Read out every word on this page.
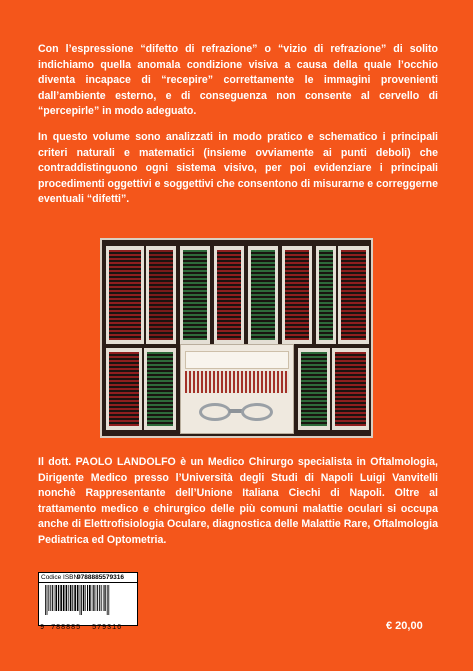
Con l’espressione “difetto di refrazione” o “vizio di refrazione” di solito indichiamo quella anomala condizione visiva a causa della quale l’occhio diventa incapace di “recepire” correttamente le immagini provenienti dall’ambiente esterno, e di conseguenza non consente al cervello di “percepirle” in modo adeguato.

In questo volume sono analizzati in modo pratico e schematico i principali criteri naturali e matematici (insieme ovviamente ai punti deboli) che contraddistinguono ogni sistema visivo, per poi evidenziare i principali procedimenti oggettivi e soggettivi che consentono di misurarne e correggerne eventuali “difetti”.

Il dott. PAOLO LANDOLFO è un Medico Chirurgo specialista in Oftalmologia, Dirigente Medico presso l’Università degli Studi di Napoli Luigi Vanvitelli nonchè Rappresentante dell’Unione Italiana Ciechi di Napoli. Oltre al trattamento medico e chirurgico delle più comuni malattie oculari si occupa anche di Elettrofisiologia Oculare, diagnostica delle Malattie Rare, Oftalmologia Pediatrica ed Optometria.

Codice ISBN
9788885579316
9 788885 579316	€ 20,00
